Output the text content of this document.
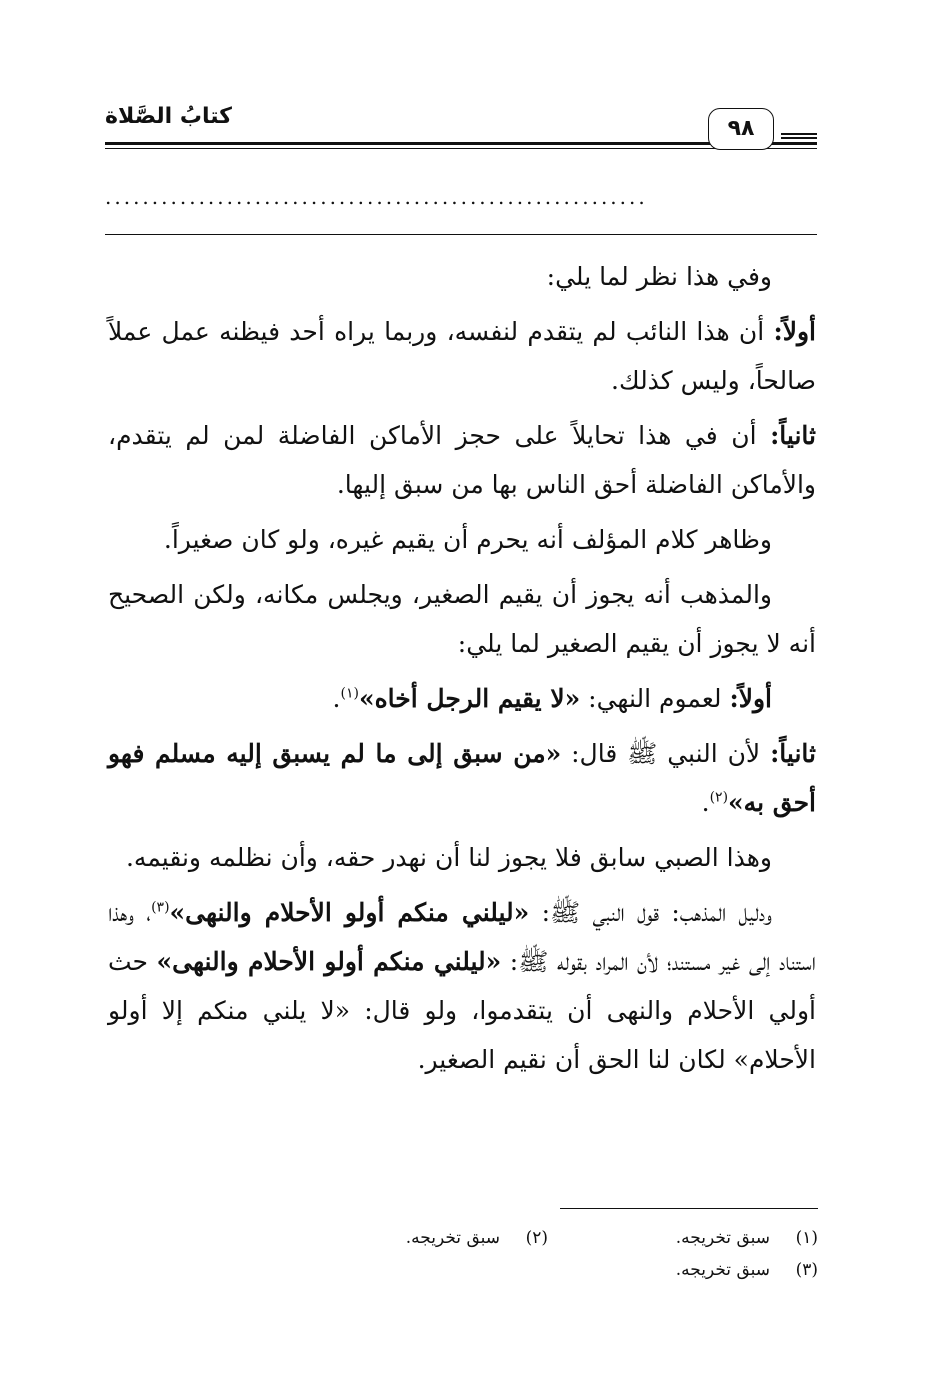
كتابُ الصَّلاة	٩٨
..........................................................

وفي هذا نظر لما يلي:

أولاً: أن هذا النائب لم يتقدم لنفسه، وربما يراه أحد فيظنه عمل عملاً صالحاً، وليس كذلك.

ثانياً: أن في هذا تحايلاً على حجز الأماكن الفاضلة لمن لم يتقدم، والأماكن الفاضلة أحق الناس بها من سبق إليها.

وظاهر كلام المؤلف أنه يحرم أن يقيم غيره، ولو كان صغيراً.

والمذهب أنه يجوز أن يقيم الصغير، ويجلس مكانه، ولكن الصحيح أنه لا يجوز أن يقيم الصغير لما يلي:

أولاً: لعموم النهي: «لا يقيم الرجل أخاه»$^{(١)}$.

ثانياً: لأن النبي ﷺ قال: «من سبق إلى ما لم يسبق إليه مسلم فهو أحق به»$^{(٢)}$.

وهذا الصبي سابق فلا يجوز لنا أن نهدر حقه، وأن نظلمه ونقيمه.

ودليل المذهب: قول النبي ﷺ: «ليلني منكم أولو الأحلام والنهى»$^{(٣)}$، وهذا استناد إلى غير مستند؛ لأن المراد بقوله ﷺ: «ليلني منكم أولو الأحلام والنهى» حث أولي الأحلام والنهى أن يتقدموا، ولو قال: «لا يلني منكم إلا أولو الأحلام» لكان لنا الحق أن نقيم الصغير.

(١)سبق تخريجه.
(٢)سبق تخريجه.
(٣)سبق تخريجه.
